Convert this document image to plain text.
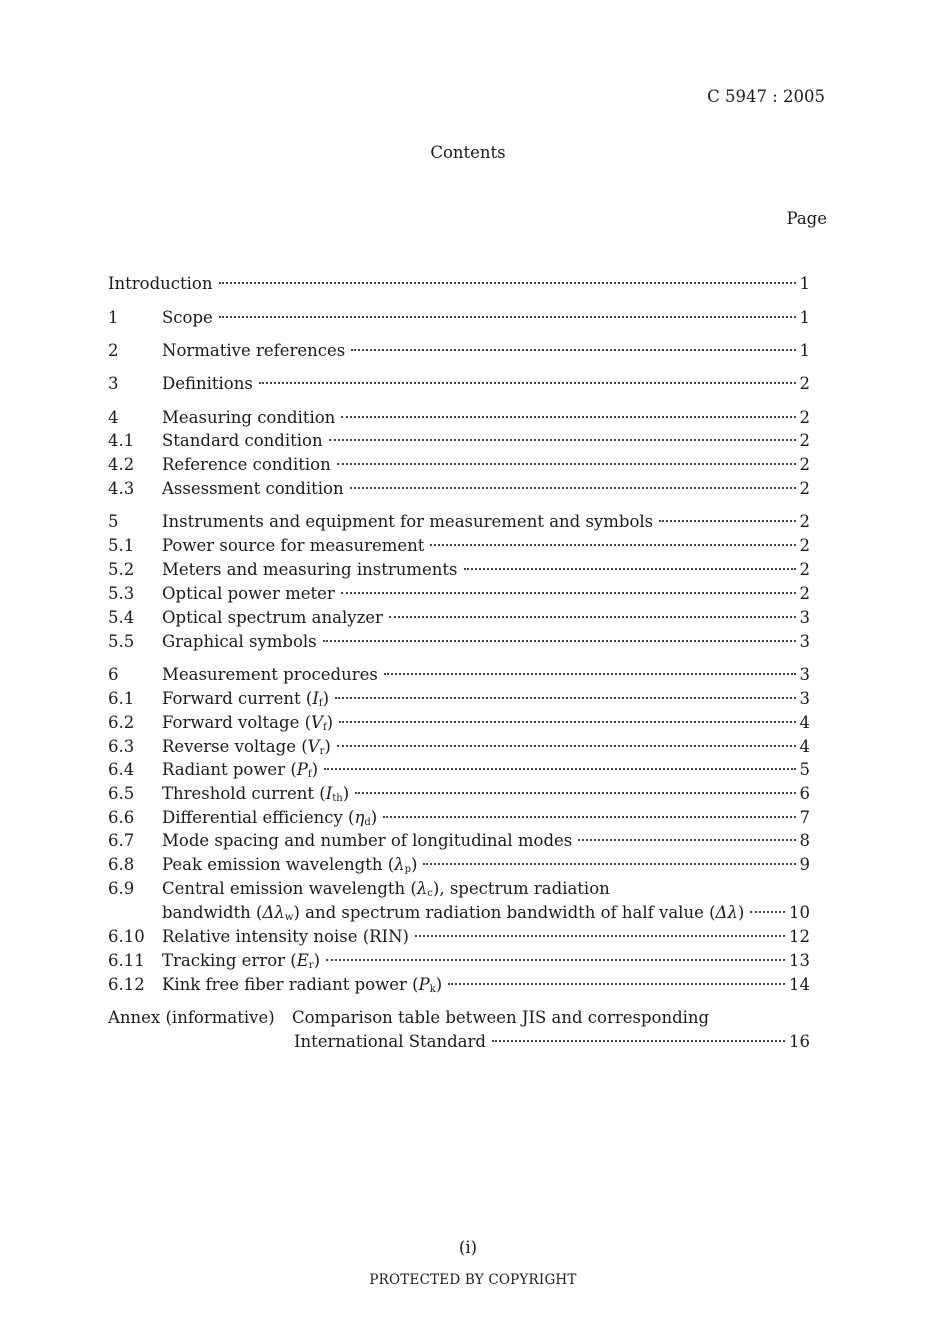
C 5947 : 2005
Contents
Page
Introduction	1
1	Scope	1
2	Normative references	1
3	Definitions	2
4	Measuring condition	2
4.1	Standard condition	2
4.2	Reference condition	2
4.3	Assessment condition	2
5	Instruments and equipment for measurement and symbols	2
5.1	Power source for measurement	2
5.2	Meters and measuring instruments	2
5.3	Optical power meter	2
5.4	Optical spectrum analyzer	3
5.5	Graphical symbols	3
6	Measurement procedures	3
6.1	Forward current $(I_f)$	3
6.2	Forward voltage $(V_f)$	4
6.3	Reverse voltage $(V_r)$	4
6.4	Radiant power $(P_f)$	5
6.5	Threshold current $(I_{th})$	6
6.6	Differential efficiency $(\eta_d)$	7
6.7	Mode spacing and number of longitudinal modes	8
6.8	Peak emission wavelength $(\lambda_p)$	9
6.9	Central emission wavelength $(\lambda_c)$, spectrum radiation
bandwidth $(\Delta\lambda_w)$ and spectrum radiation bandwidth of half value (Δλ)	10
6.10	Relative intensity noise (RIN)	12
6.11	Tracking error $(E_r)$	13
6.12	Kink free fiber radiant power $(P_k)$	14
Annex (informative)	Comparison table between JIS and corresponding
International Standard	16
(i)
PROTECTED BY COPYRIGHT
